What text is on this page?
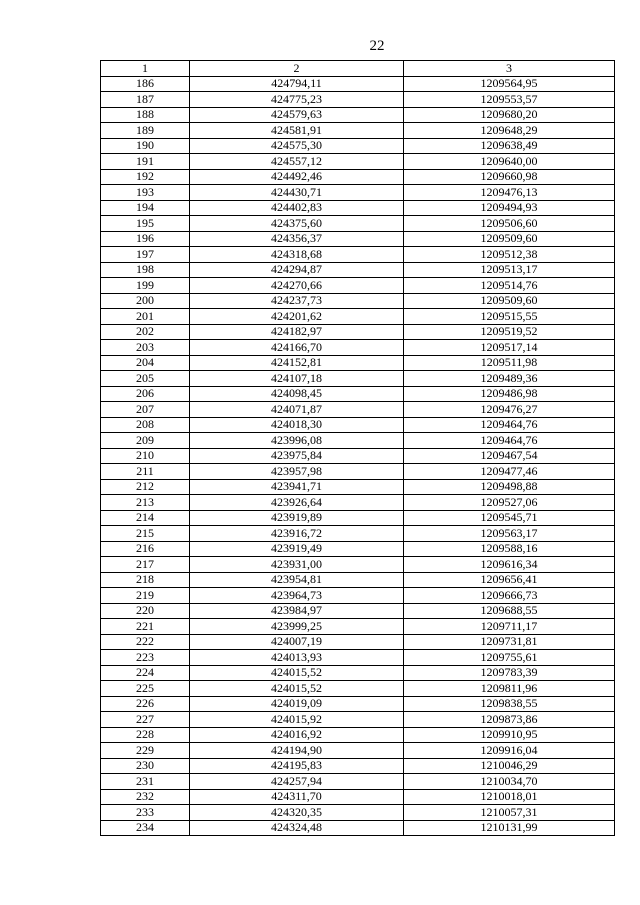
22
1	2	3
186	424794,11	1209564,95
187	424775,23	1209553,57
188	424579,63	1209680,20
189	424581,91	1209648,29
190	424575,30	1209638,49
191	424557,12	1209640,00
192	424492,46	1209660,98
193	424430,71	1209476,13
194	424402,83	1209494,93
195	424375,60	1209506,60
196	424356,37	1209509,60
197	424318,68	1209512,38
198	424294,87	1209513,17
199	424270,66	1209514,76
200	424237,73	1209509,60
201	424201,62	1209515,55
202	424182,97	1209519,52
203	424166,70	1209517,14
204	424152,81	1209511,98
205	424107,18	1209489,36
206	424098,45	1209486,98
207	424071,87	1209476,27
208	424018,30	1209464,76
209	423996,08	1209464,76
210	423975,84	1209467,54
211	423957,98	1209477,46
212	423941,71	1209498,88
213	423926,64	1209527,06
214	423919,89	1209545,71
215	423916,72	1209563,17
216	423919,49	1209588,16
217	423931,00	1209616,34
218	423954,81	1209656,41
219	423964,73	1209666,73
220	423984,97	1209688,55
221	423999,25	1209711,17
222	424007,19	1209731,81
223	424013,93	1209755,61
224	424015,52	1209783,39
225	424015,52	1209811,96
226	424019,09	1209838,55
227	424015,92	1209873,86
228	424016,92	1209910,95
229	424194,90	1209916,04
230	424195,83	1210046,29
231	424257,94	1210034,70
232	424311,70	1210018,01
233	424320,35	1210057,31
234	424324,48	1210131,99
